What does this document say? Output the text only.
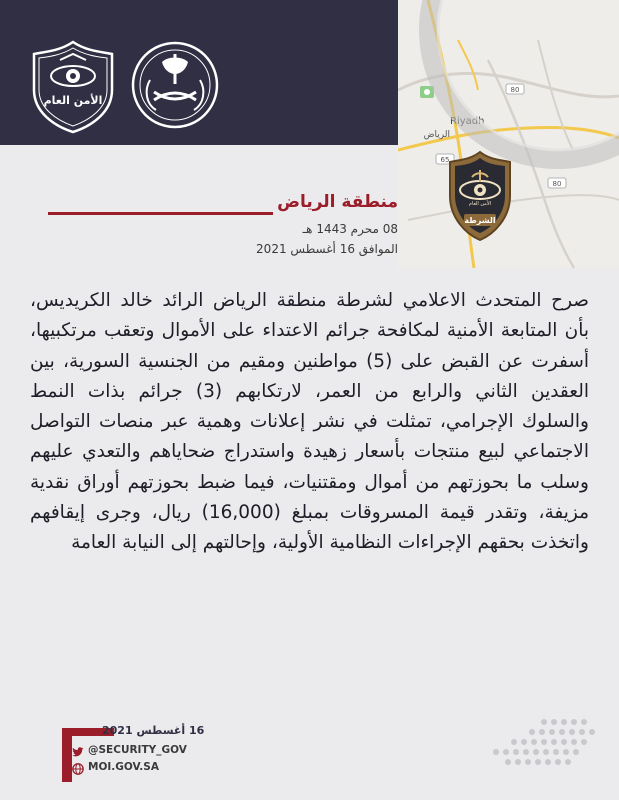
الأمن العام
80
80
65
Riyadh
الرياض
الأمن العام
الشرطة
منطقة الرياض
08 محرم 1443 هـ
الموافق 16 أغسطس 2021
صرح المتحدث الاعلامي لشرطة منطقة الرياض الرائد خالد الكريديس، بأن المتابعة الأمنية لمكافحة جرائم الاعتداء على الأموال وتعقب مرتكبيها، أسفرت عن القبض على (5) مواطنين ومقيم من الجنسية السورية، بين العقدين الثاني والرابع من العمر، لارتكابهم (3) جرائم بذات النمط والسلوك الإجرامي، تمثلت في نشر إعلانات وهمية عبر منصات التواصل الاجتماعي لبيع منتجات بأسعار زهيدة واستدراج ضحاياهم والتعدي عليهم وسلب ما بحوزتهم من أموال ومقتنيات، فيما ضبط بحوزتهم أوراق نقدية مزيفة، وتقدر قيمة المسروقات بمبلغ (16,000) ريال، وجرى إيقافهم واتخذت بحقهم الإجراءات النظامية الأولية، وإحالتهم إلى النيابة العامة
16 أغسطس 2021
@SECURITY_GOV
MOI.GOV.SA
